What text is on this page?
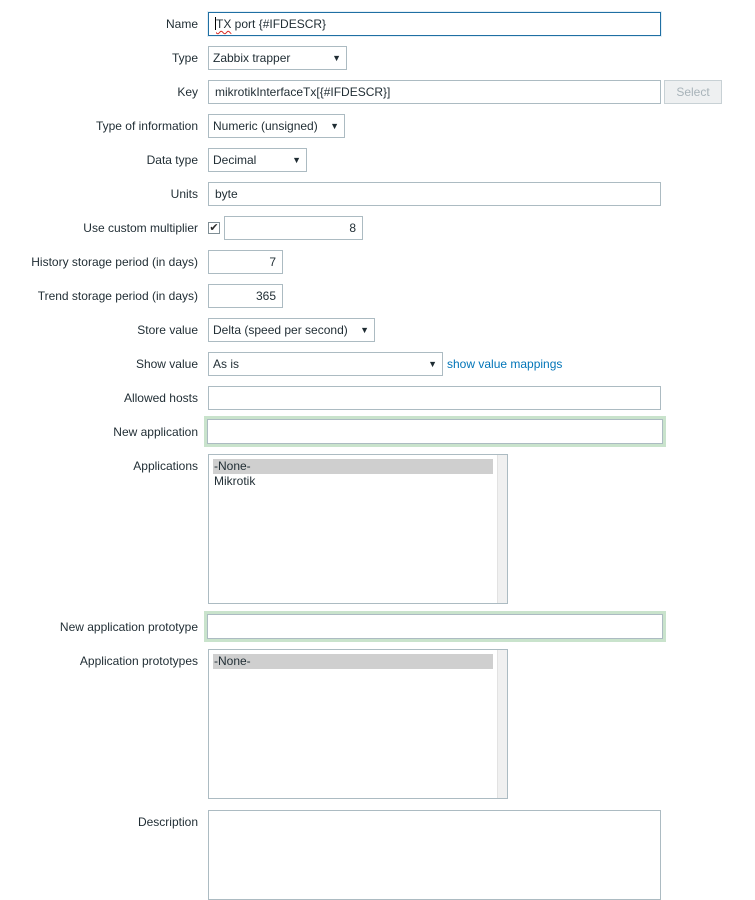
Name	TX port {#IFDESCR}
Type	Zabbix trapper	▼
Key	mikrotikInterfaceTx[{#IFDESCR}]	Select
Type of information	Numeric (unsigned) ▼
Data type	Decimal	▼
Units	byte
Use custom multiplier ✔	8
History storage period (in days)	7
Trend storage period (in days)	365
Store value	Delta (speed per second) ▼
Show value	As is	▼ show value mappings
Allowed hosts
New application
Applications -None-
Mikrotik
New application prototype
Application prototypes -None-
Description
